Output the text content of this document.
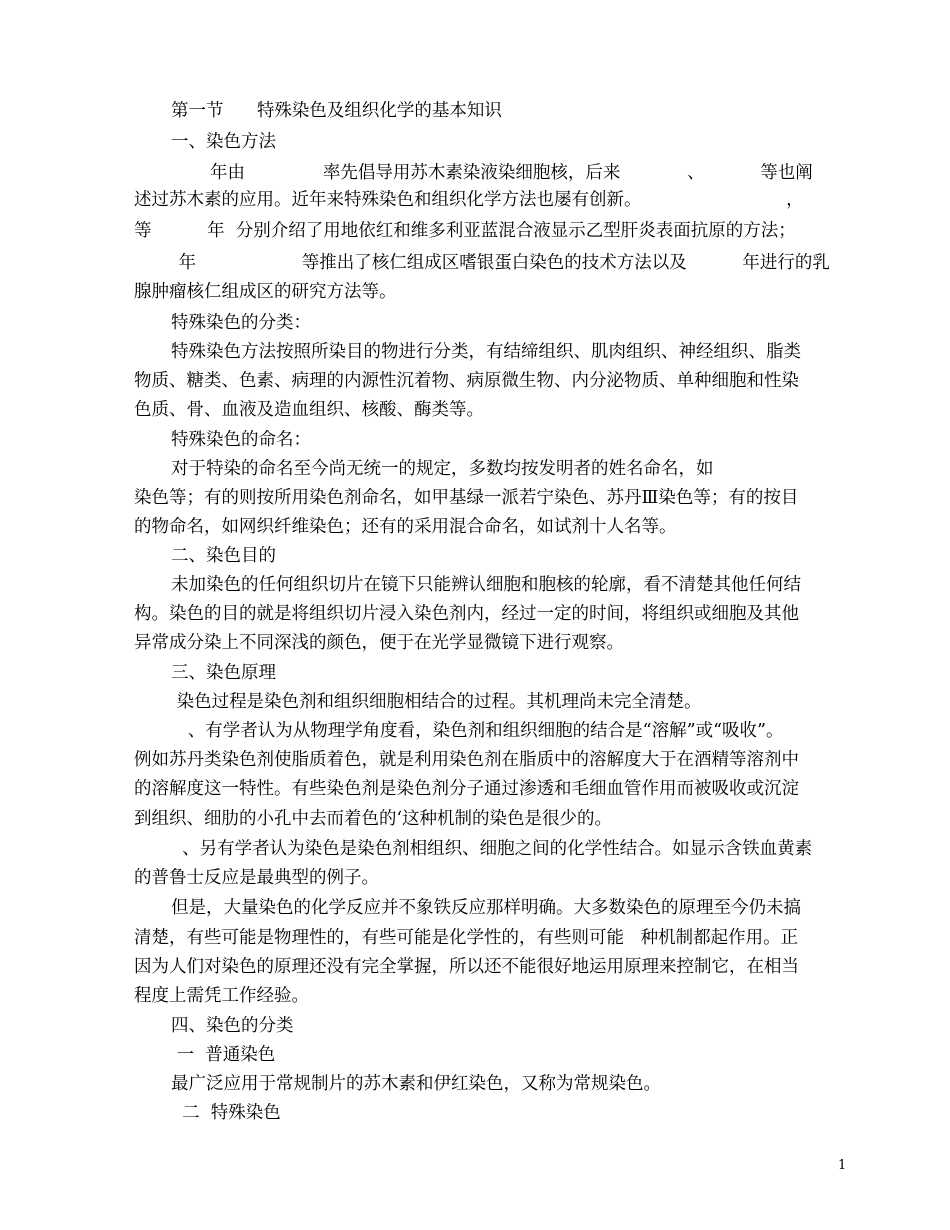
第一节      特殊染色及组织化学的基本知识
一、染色方法
年由              率先倡导用苏木素染液染细胞核，后来            、          等也阐
述过苏木素的应用。近年来特殊染色和组织化学方法也屡有创新。                          ，
等          年  分别介绍了用地依红和维多利亚蓝混合液显示乙型肝炎表面抗原的方法；
年                   等推出了核仁组成区嗜银蛋白染色的技术方法以及          年进行的乳
腺肿瘤核仁组成区的研究方法等。
特殊染色的分类：
特殊染色方法按照所染目的物进行分类，有结缔组织、肌肉组织、神经组织、脂类
物质、糖类、色素、病理的内源性沉着物、病原微生物、内分泌物质、单种细胞和性染
色质、骨、血液及造血组织、核酸、酶类等。
特殊染色的命名：
对于特染的命名至今尚无统一的规定，多数均按发明者的姓名命名，如
染色等；有的则按所用染色剂命名，如甲基绿一派若宁染色、苏丹Ⅲ染色等；有的按目
的物命名，如网织纤维染色；还有的采用混合命名，如试剂十人名等。
二、染色目的
未加染色的任何组织切片在镜下只能辨认细胞和胞核的轮廓，看不清楚其他任何结
构。染色的目的就是将组织切片浸入染色剂内，经过一定的时间，将组织或细胞及其他
异常成分染上不同深浅的颜色，便于在光学显微镜下进行观察。
三、染色原理
染色过程是染色剂和组织细胞相结合的过程。其机理尚未完全清楚。
、有学者认为从物理学角度看，染色剂和组织细胞的结合是“溶解”或“吸收”。
例如苏丹类染色剂使脂质着色，就是利用染色剂在脂质中的溶解度大于在酒精等溶剂中
的溶解度这一特性。有些染色剂是染色剂分子通过渗透和毛细血管作用而被吸收或沉淀
到组织、细肋的小孔中去而着色的‘这种机制的染色是很少的。
、另有学者认为染色是染色剂相组织、细胞之间的化学性结合。如显示含铁血黄素
的普鲁士反应是最典型的例子。
但是，大量染色的化学反应并不象铁反应那样明确。大多数染色的原理至今仍未搞
清楚，有些可能是物理性的，有些可能是化学性的，有些则可能   种机制都起作用。正
因为人们对染色的原理还没有完全掌握，所以还不能很好地运用原理来控制它，在相当
程度上需凭工作经验。
四、染色的分类
一  普通染色
最广泛应用于常规制片的苏木素和伊红染色，又称为常规染色。
二  特殊染色
1
